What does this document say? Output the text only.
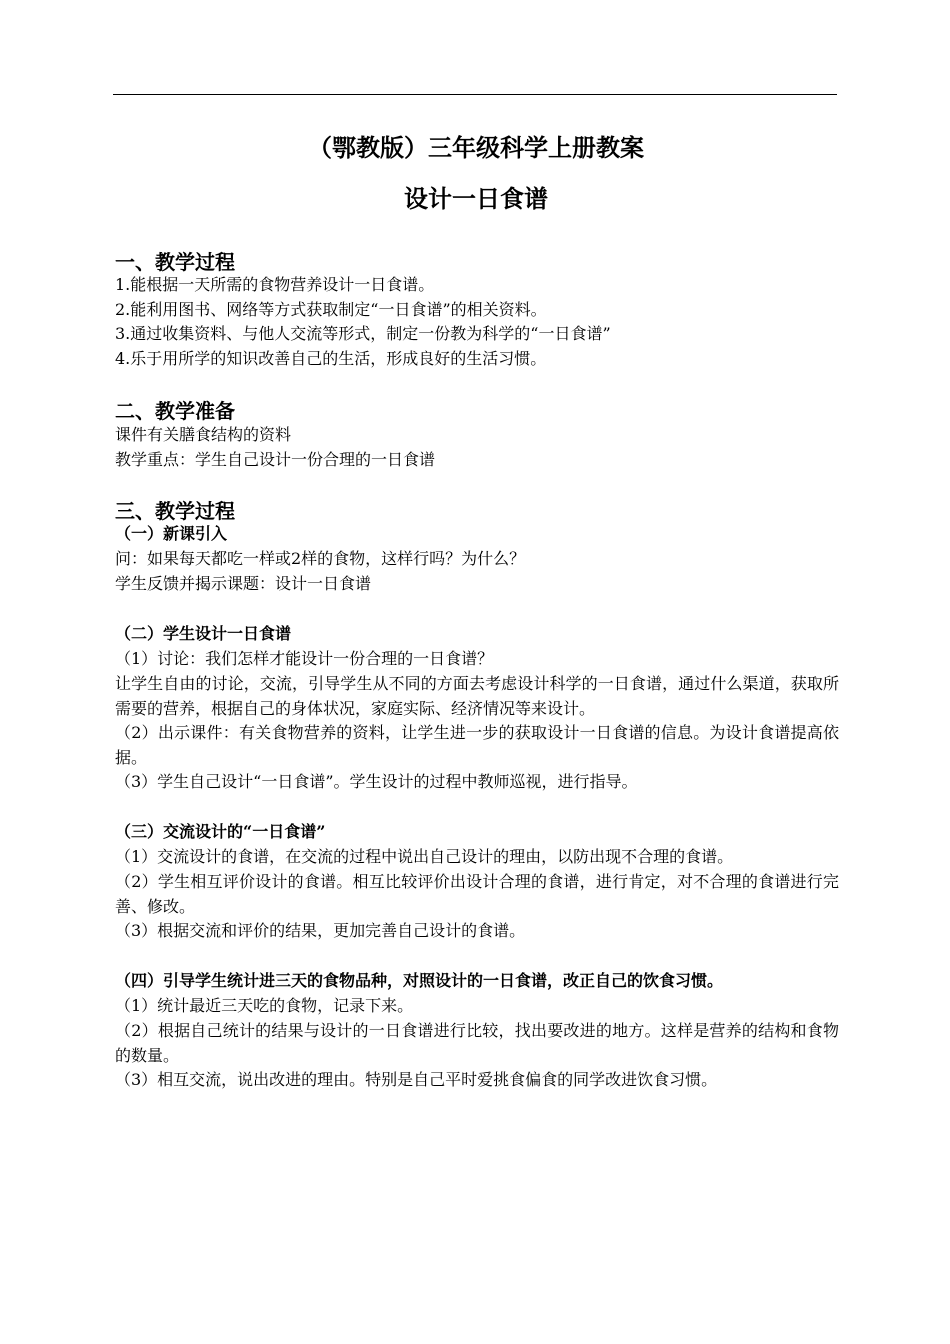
（鄂教版）三年级科学上册教案
设计一日食谱
一、教学过程

1.能根据一天所需的食物营养设计一日食谱。

2.能利用图书、网络等方式获取制定“一日食谱”的相关资料。

3.通过收集资料、与他人交流等形式，制定一份教为科学的“一日食谱”

4.乐于用所学的知识改善自己的生活，形成良好的生活习惯。

二、教学准备

课件有关膳食结构的资料

教学重点：学生自己设计一份合理的一日食谱

三、教学过程
（一）新课引入

问：如果每天都吃一样或2样的食物，这样行吗？为什么？

学生反馈并揭示课题：设计一日食谱

（二）学生设计一日食谱

（1）讨论：我们怎样才能设计一份合理的一日食谱？

让学生自由的讨论，交流，引导学生从不同的方面去考虑设计科学的一日食谱，通过什么渠道，获取所需要的营养，根据自己的身体状况，家庭实际、经济情况等来设计。

（2）出示课件：有关食物营养的资料，让学生进一步的获取设计一日食谱的信息。为设计食谱提高依据。

（3）学生自己设计“一日食谱”。学生设计的过程中教师巡视，进行指导。

（三）交流设计的“一日食谱”

（1）交流设计的食谱，在交流的过程中说出自己设计的理由，以防出现不合理的食谱。

（2）学生相互评价设计的食谱。相互比较评价出设计合理的食谱，进行肯定，对不合理的食谱进行完善、修改。

（3）根据交流和评价的结果，更加完善自己设计的食谱。

（四）引导学生统计进三天的食物品种，对照设计的一日食谱，改正自己的饮食习惯。

（1）统计最近三天吃的食物，记录下来。

（2）根据自己统计的结果与设计的一日食谱进行比较，找出要改进的地方。这样是营养的结构和食物的数量。

（3）相互交流，说出改进的理由。特别是自己平时爱挑食偏食的同学改进饮食习惯。
